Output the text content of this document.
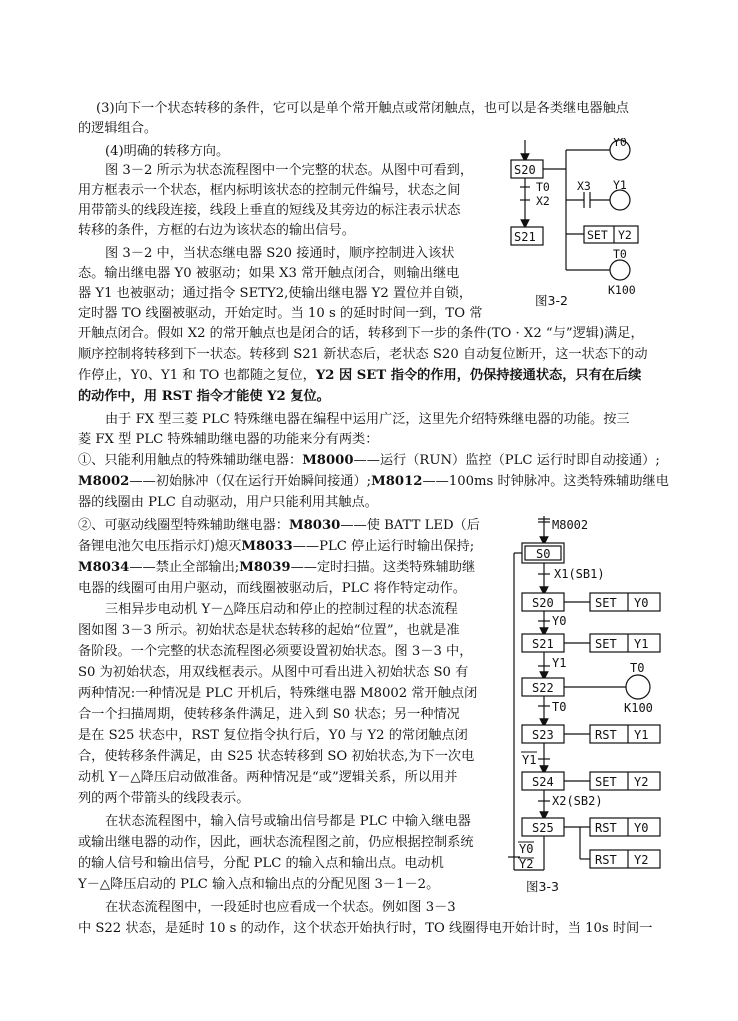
(3)向下一个状态转移的条件，它可以是单个常开触点或常闭触点，也可以是各类继电器触点
的逻辑组合。
(4)明确的转移方向。
图 3－2 所示为状态流程图中一个完整的状态。从图中可看到，
用方框表示一个状态，框内标明该状态的控制元件编号，状态之间
用带箭头的线段连接，线段上垂直的短线及其旁边的标注表示状态
转移的条件，方框的右边为该状态的输出信号。
图 3－2 中，当状态继电器 S20 接通时，顺序控制进入该状
态。输出继电器 Y0 被驱动；如果 X3 常开触点闭合，则输出继电
器 Y1 也被驱动；通过指令 SETY2,使输出继电器 Y2 置位并自锁，
定时器 TO 线圈被驱动，开始定时。当 10 s 的延时时间一到，TO 常
开触点闭合。假如 X2 的常开触点也是闭合的话，转移到下一步的条件(TO · X2 “与”逻辑)满足，
顺序控制将转移到下一状态。转移到 S21 新状态后，老状态 S20 自动复位断开，这一状态下的动
作停止，Y0、Y1 和 TO 也都随之复位，Y2 因 SET 指令的作用，仍保持接通状态，只有在后续
的动作中，用 RST 指令才能使 Y2 复位。
由于 FX 型三菱 PLC 特殊继电器在编程中运用广泛，这里先介绍特殊继电器的功能。按三
菱 FX 型 PLC 特殊辅助继电器的功能来分有两类：
①、只能利用触点的特殊辅助继电器：M8000——运行（RUN）监控（PLC 运行时即自动接通）;
M8002——初始脉冲（仅在运行开始瞬间接通）;M8012——100ms 时钟脉冲。这类特殊辅助继电
器的线圈由 PLC 自动驱动，用户只能利用其触点。
②、可驱动线圈型特殊辅助继电器：M8030——使 BATT LED（后
备锂电池欠电压指示灯)熄灭M8033——PLC 停止运行时输出保持;
M8034——禁止全部输出;M8039——定时扫描。这类特殊辅助继
电器的线圈可由用户驱动，而线圈被驱动后，PLC 将作特定动作。
三相异步电动机 Y－△降压启动和停止的控制过程的状态流程
图如图 3－3 所示。初始状态是状态转移的起始“位置”，也就是准
备阶段。一个完整的状态流程图必须要设置初始状态。图 3－3 中，
S0 为初始状态，用双线框表示。从图中可看出进入初始状态 S0 有
两种情况:一种情况是 PLC 开机后，特殊继电器 M8002 常开触点闭
合一个扫描周期，使转移条件满足，进入到 S0 状态；另一种情况
是在 S25 状态中，RST 复位指令执行后，Y0 与 Y2 的常闭触点闭
合，使转移条件满足，由 S25 状态转移到 SO 初始状态,为下一次电
动机 Y－△降压启动做准备。两种情况是“或”逻辑关系，所以用并
列的两个带箭头的线段表示。
在状态流程图中，输入信号或输出信号都是 PLC 中输入继电器
或输出继电器的动作，因此，画状态流程图之前，仍应根据控制系统
的输人信号和输出信号，分配 PLC 的输入点和输出点。电动机
Y－△降压启动的 PLC 输入点和输出点的分配见图 3－1－2。
在状态流程图中，一段延时也应看成一个状态。例如图 3－3
中 S22 状态，是延时 10 s 的动作，这个状态开始执行时，TO 线圈得电开始计时，当 10s 时间一
S20
S21
T0
X2
Y0
X3 Y1
SET Y2
T0
K100
图3-2
M8002
S0
X1(SB1)
S20	SET Y0
Y0
S21	SET Y1
Y1
S22
T0
K100
T0
S23	RST Y1
Y1
S24	SET Y2
X2(SB2)
S25	RST Y0
RST Y2
Y0
Y2
图3-3
